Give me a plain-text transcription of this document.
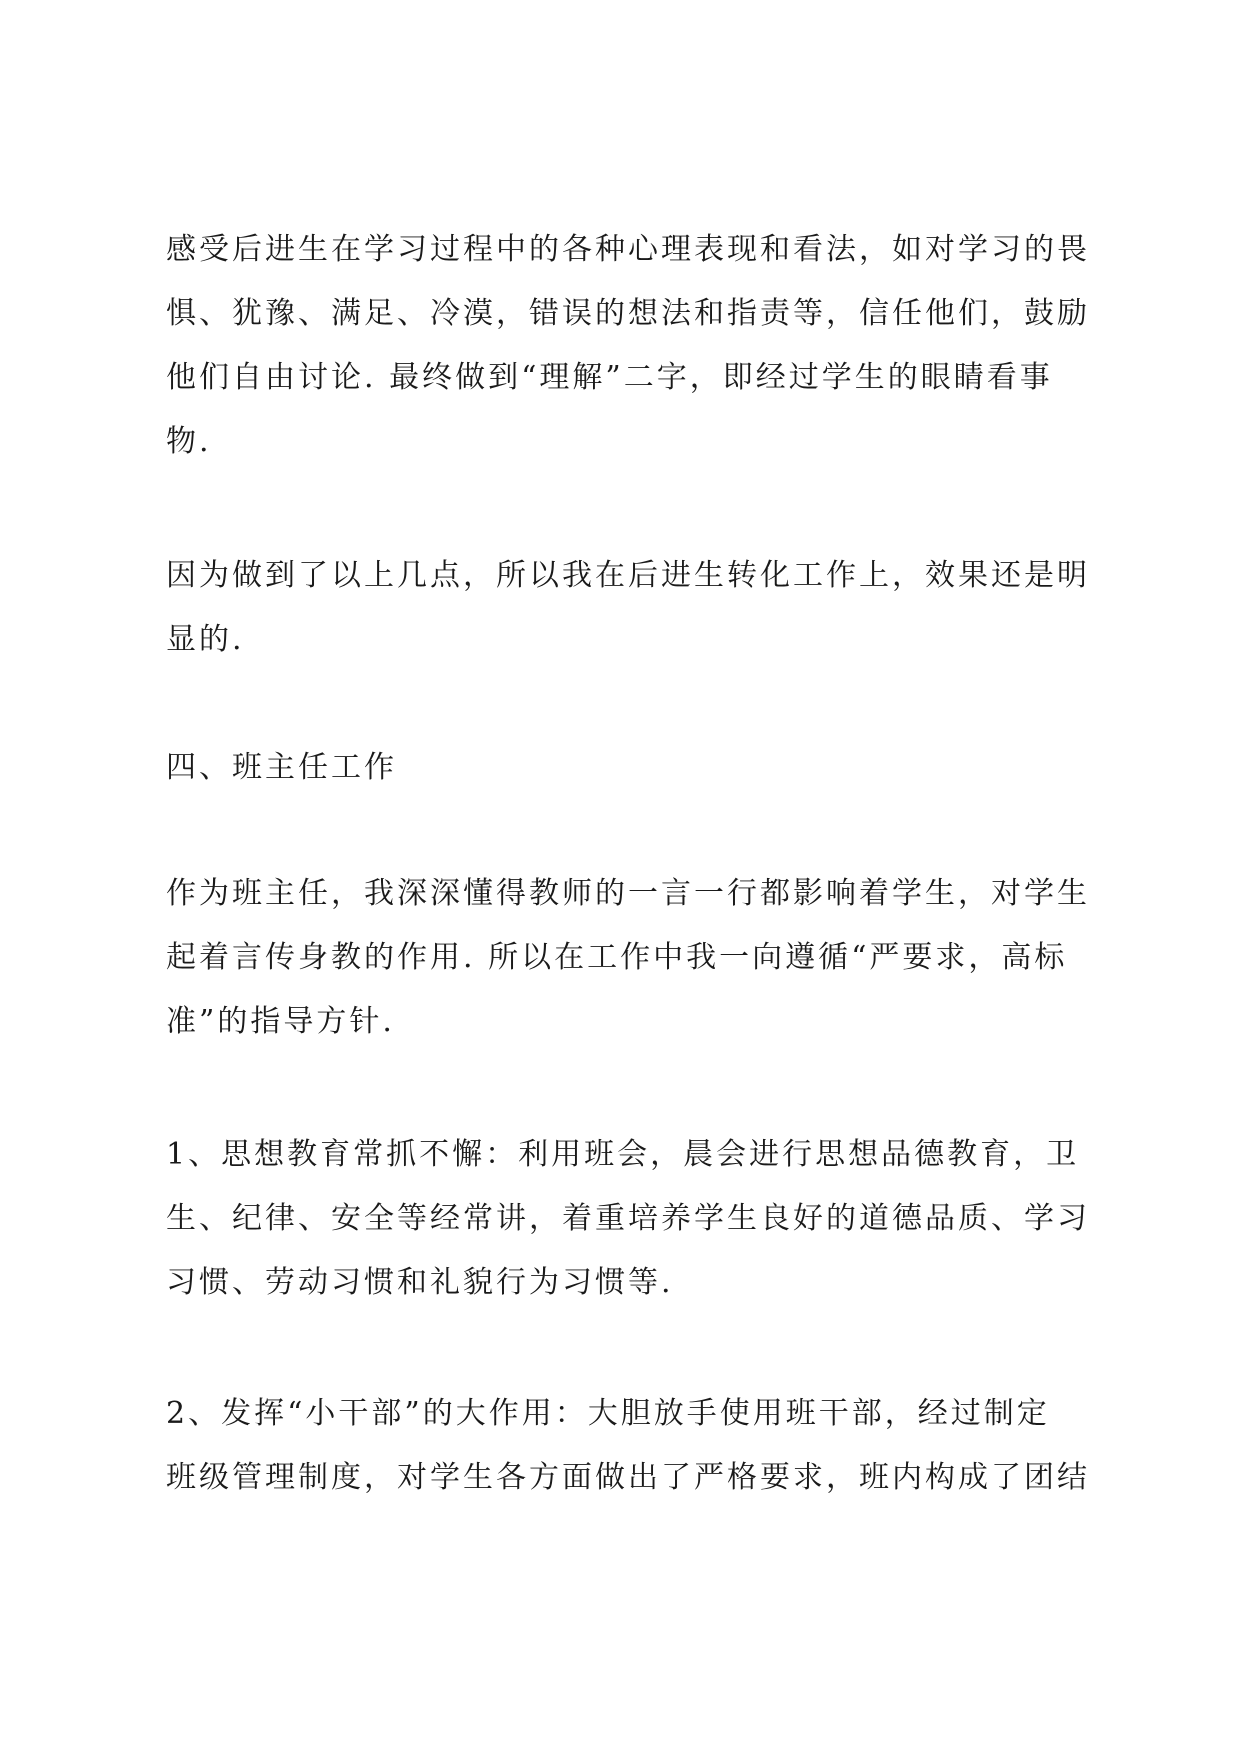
感受后进生在学习过程中的各种心理表现和看法，如对学习的畏
惧、犹豫、满足、冷漠，错误的想法和指责等，信任他们，鼓励
他们自由讨论. 最终做到“理解”二字，即经过学生的眼睛看事
物.

因为做到了以上几点，所以我在后进生转化工作上，效果还是明
显的.

四、班主任工作

作为班主任，我深深懂得教师的一言一行都影响着学生，对学生
起着言传身教的作用. 所以在工作中我一向遵循“严要求，高标
准”的指导方针.

1、思想教育常抓不懈：利用班会，晨会进行思想品德教育，卫
生、纪律、安全等经常讲，着重培养学生良好的道德品质、学习
习惯、劳动习惯和礼貌行为习惯等.

2、发挥“小干部”的大作用：大胆放手使用班干部，经过制定
班级管理制度，对学生各方面做出了严格要求，班内构成了团结
